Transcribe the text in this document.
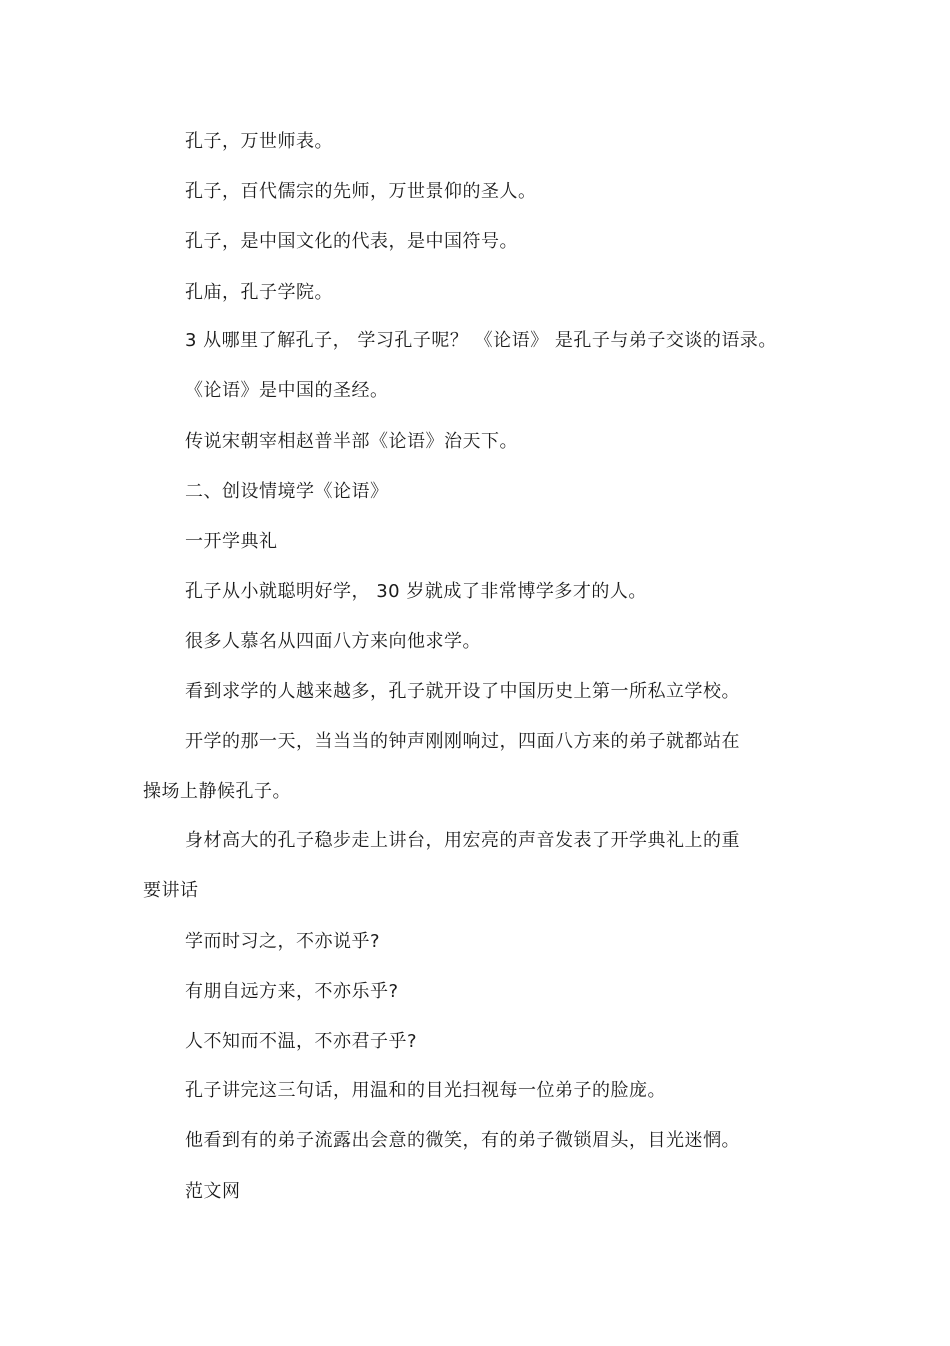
孔子，万世师表。
孔子，百代儒宗的先师，万世景仰的圣人。
孔子，是中国文化的代表，是中国符号。
孔庙，孔子学院。
3 从哪里了解孔子， 学习孔子呢？ 《论语》 是孔子与弟子交谈的语录。
《论语》是中国的圣经。
传说宋朝宰相赵普半部《论语》治天下。
二、创设情境学《论语》
一开学典礼
孔子从小就聪明好学， 30 岁就成了非常博学多才的人。
很多人慕名从四面八方来向他求学。
看到求学的人越来越多，孔子就开设了中国历史上第一所私立学校。
开学的那一天，当当当的钟声刚刚响过，四面八方来的弟子就都站在
操场上静候孔子。
身材高大的孔子稳步走上讲台，用宏亮的声音发表了开学典礼上的重
要讲话
学而时习之，不亦说乎?
有朋自远方来，不亦乐乎?
人不知而不温，不亦君子乎?
孔子讲完这三句话，用温和的目光扫视每一位弟子的脸庞。
他看到有的弟子流露出会意的微笑，有的弟子微锁眉头，目光迷惘。
范文网
